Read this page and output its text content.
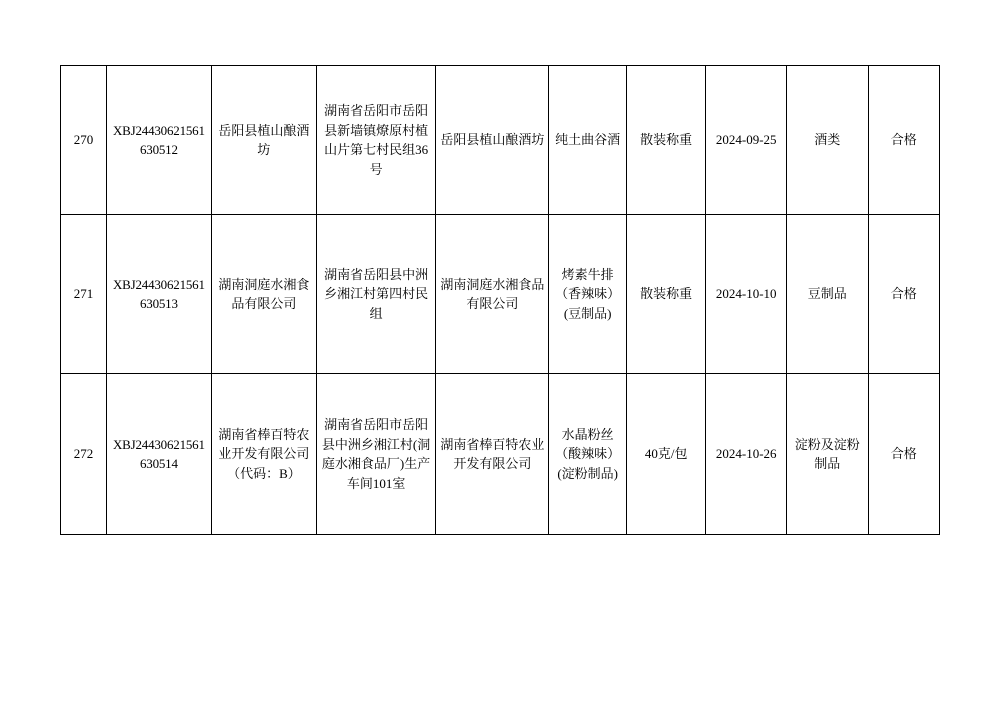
270	XBJ24430621561630512	岳阳县植山酿酒坊	湖南省岳阳市岳阳县新墙镇燎原村植山片第七村民组36号	岳阳县植山酿酒坊	纯土曲谷酒	散装称重	2024-09-25	酒类	合格
271	XBJ24430621561630513	湖南洞庭水湘食品有限公司	湖南省岳阳县中洲乡湘江村第四村民组	湖南洞庭水湘食品有限公司	烤素牛排（香辣味）(豆制品)	散装称重	2024-10-10	豆制品	合格
272	XBJ24430621561630514	湖南省棒百特农业开发有限公司（代码：B）	湖南省岳阳市岳阳县中洲乡湘江村(洞庭水湘食品厂)生产车间101室	湖南省棒百特农业开发有限公司	水晶粉丝（酸辣味）(淀粉制品)	40克/包	2024-10-26	淀粉及淀粉制品	合格
